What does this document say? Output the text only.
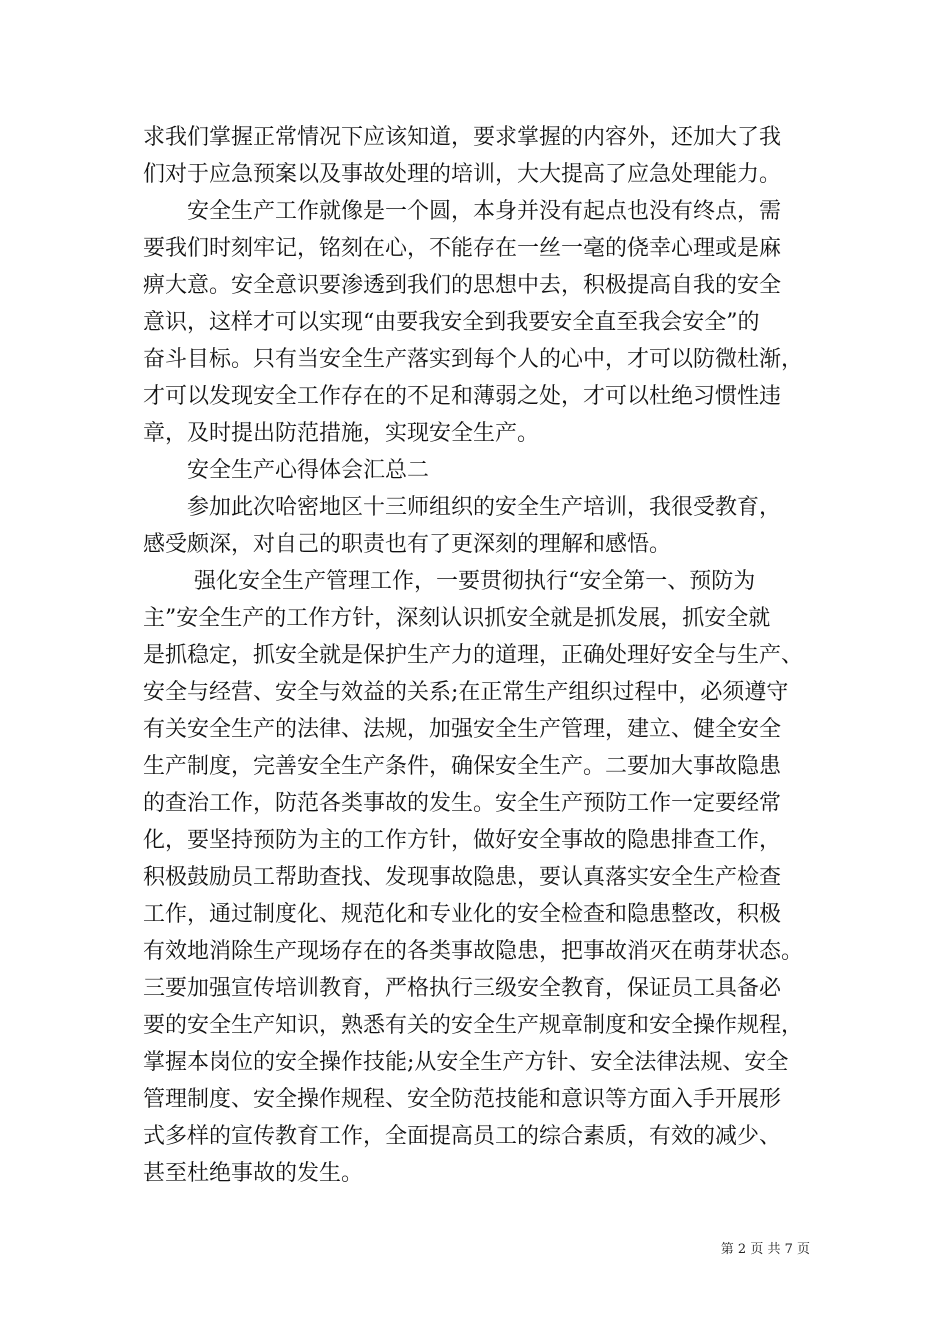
求我们掌握正常情况下应该知道，要求掌握的内容外，还加大了我
们对于应急预案以及事故处理的培训，大大提高了应急处理能力。
　　安全生产工作就像是一个圆，本身并没有起点也没有终点，需
要我们时刻牢记，铭刻在心，不能存在一丝一毫的侥幸心理或是麻
痹大意。安全意识要渗透到我们的思想中去，积极提高自我的安全
意识，这样才可以实现“由要我安全到我要安全直至我会安全”的
奋斗目标。只有当安全生产落实到每个人的心中，才可以防微杜渐，
才可以发现安全工作存在的不足和薄弱之处，才可以杜绝习惯性违
章，及时提出防范措施，实现安全生产。
　　安全生产心得体会汇总二
　　参加此次哈密地区十三师组织的安全生产培训，我很受教育，
感受颇深，对自己的职责也有了更深刻的理解和感悟。
　　 强化安全生产管理工作，一要贯彻执行“安全第一、预防为
主”安全生产的工作方针，深刻认识抓安全就是抓发展，抓安全就
是抓稳定，抓安全就是保护生产力的道理，正确处理好安全与生产、
安全与经营、安全与效益的关系;在正常生产组织过程中，必须遵守
有关安全生产的法律、法规，加强安全生产管理，建立、健全安全
生产制度，完善安全生产条件，确保安全生产。二要加大事故隐患
的查治工作，防范各类事故的发生。安全生产预防工作一定要经常
化，要坚持预防为主的工作方针，做好安全事故的隐患排查工作，
积极鼓励员工帮助查找、发现事故隐患，要认真落实安全生产检查
工作，通过制度化、规范化和专业化的安全检查和隐患整改，积极
有效地消除生产现场存在的各类事故隐患，把事故消灭在萌芽状态。
三要加强宣传培训教育，严格执行三级安全教育，保证员工具备必
要的安全生产知识，熟悉有关的安全生产规章制度和安全操作规程，
掌握本岗位的安全操作技能;从安全生产方针、安全法律法规、安全
管理制度、安全操作规程、安全防范技能和意识等方面入手开展形
式多样的宣传教育工作，全面提高员工的综合素质，有效的减少、
甚至杜绝事故的发生。
第 2 页 共 7 页
